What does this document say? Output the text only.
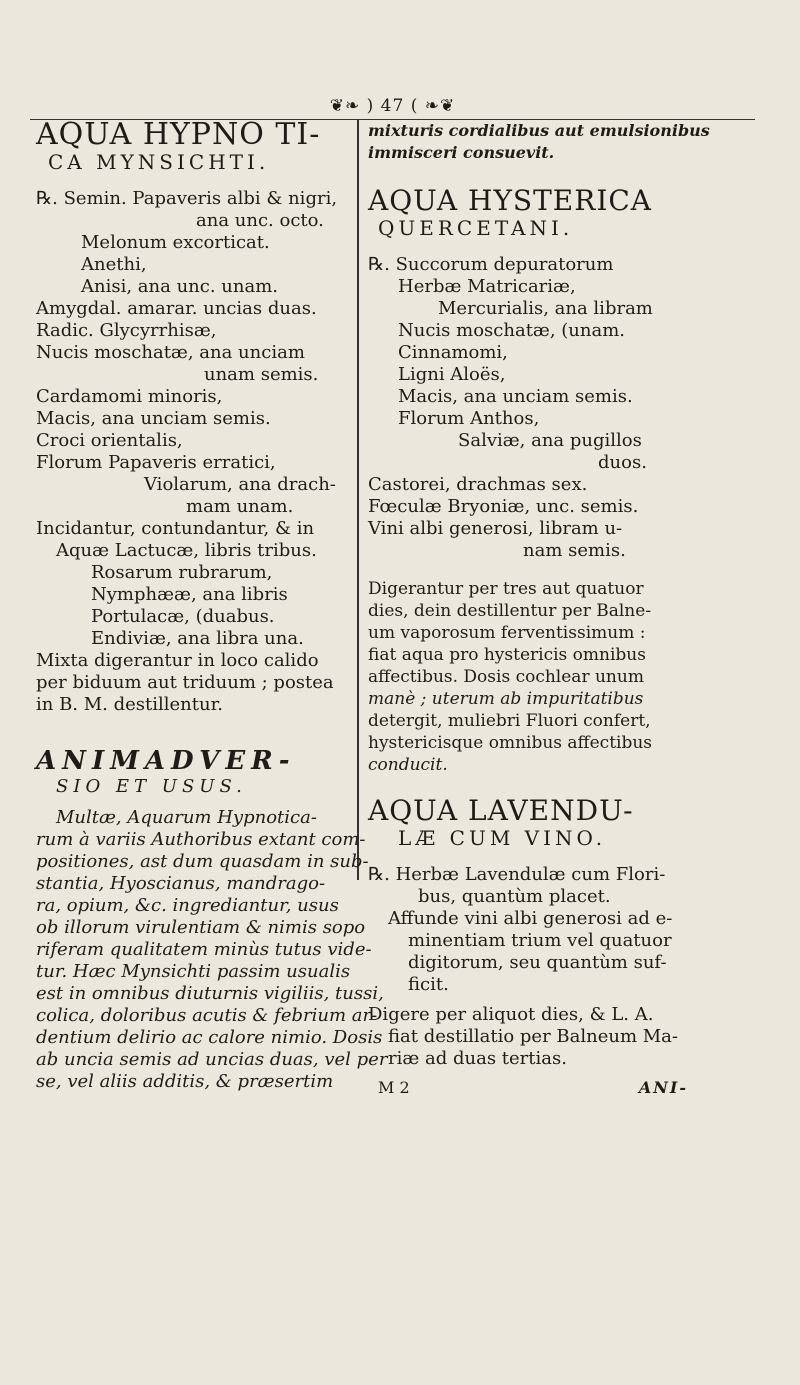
❦❧ ) 47 ( ❧❦
AQUA HYPNO TI-
CA MYNSICHTI.
℞. Semin. Papaveris albi & nigri,
ana unc. octo.
Melonum excorticat.
Anethi,
Anisi, ana unc. unam.
Amygdal. amarar. uncias duas.
Radic. Glycyrrhisæ,
Nucis moschatæ, ana unciam
unam semis.
Cardamomi minoris,
Macis, ana unciam semis.
Croci orientalis,
Florum Papaveris erratici,
Violarum, ana drach-
mam unam.
Incidantur, contundantur, & in
Aquæ Lactucæ, libris tribus.
Rosarum rubrarum,
Nymphææ, ana libris
Portulacæ, (duabus.
Endiviæ, ana libra una.
Mixta digerantur in loco calido
per biduum aut triduum ; postea
in B. M. destillentur.
ANIMADVER-
SIO ET USUS.
Multæ, Aquarum Hypnotica-
rum à variis Authoribus extant com-
positiones, ast dum quasdam in sub-
stantia, Hyoscianus, mandrago-
ra, opium, &c. ingrediantur, usus
ob illorum virulentiam & nimis sopo
riferam qualitatem minùs tutus vide-
tur. Hæc Mynsichti passim usualis
est in omnibus diuturnis vigiliis, tussi,
colica, doloribus acutis & febrium ar-
dentium delirio ac calore nimio. Dosis
ab uncia semis ad uncias duas, vel per
se, vel aliis additis, & præsertim
mixturis cordialibus aut emulsionibus
immisceri consuevit.
AQUA HYSTERICA
QUERCETANI.
℞. Succorum depuratorum
Herbæ Matricariæ,
Mercurialis, ana libram
Nucis moschatæ, (unam.
Cinnamomi,
Ligni Aloës,
Macis, ana unciam semis.
Florum Anthos,
Salviæ, ana pugillos
duos.
Castorei, drachmas sex.
Fœculæ Bryoniæ, unc. semis.
Vini albi generosi, libram u-
nam semis.
Digerantur per tres aut quatuor
dies, dein destillentur per Balne-
um vaporosum ferventissimum :
fiat aqua pro hystericis omnibus
affectibus. Dosis cochlear unum
manè ; uterum ab impuritatibus
detergit, muliebri Fluori confert,
hystericisque omnibus affectibus
conducit.
AQUA LAVENDU-
LÆ CUM VINO.
℞. Herbæ Lavendulæ cum Flori-
bus, quantùm placet.
Affunde vini albi generosi ad e-
minentiam trium vel quatuor
digitorum, seu quantùm suf-
ficit.
Digere per aliquot dies, & L. A.
fiat destillatio per Balneum Ma-
riæ ad duas tertias.
M 2	ANI-
